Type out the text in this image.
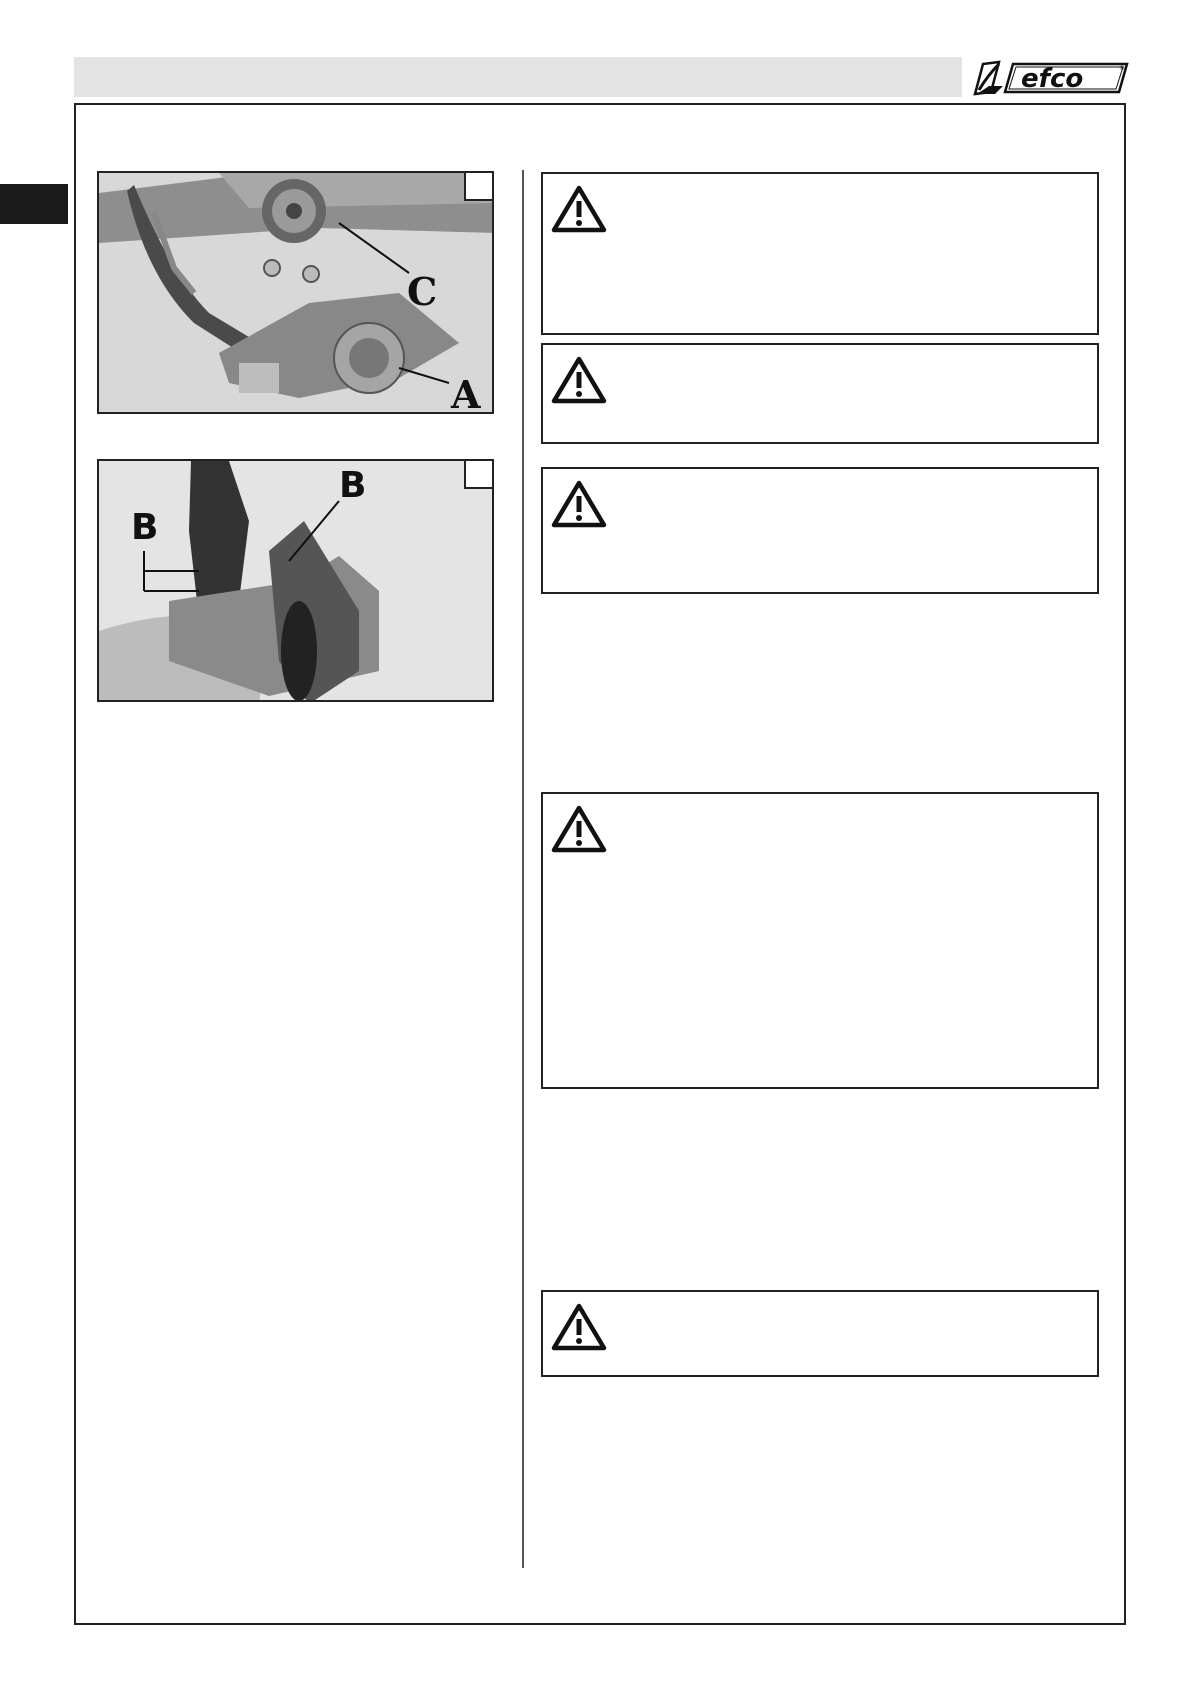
efco	®
C
A
B
B
